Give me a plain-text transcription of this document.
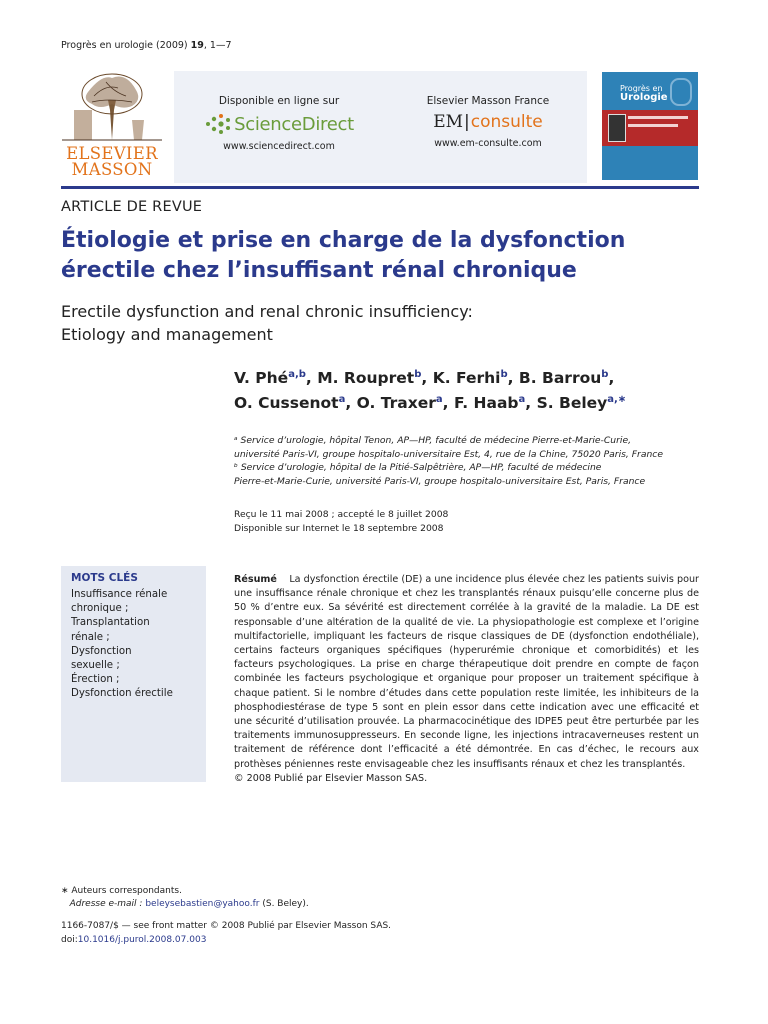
Progrès en urologie (2009) 19, 1—7
ELSEVIER
MASSON
Disponible en ligne sur
ScienceDirect
www.sciencedirect.com
Elsevier Masson France
EM|consulte
www.em-consulte.com
Progrès en
Urologie
ARTICLE DE REVUE
Étiologie et prise en charge de la dysfonction
érectile chez l’insuffisant rénal chronique
Erectile dysfunction and renal chronic insufficiency:
Etiology and management
V. Phé$^{a,b}$, M. Roupret$^b$, K. Ferhi$^b$, B. Barrou$^b$,
O. Cussenot$^a$, O. Traxer$^a$, F. Haab$^a$, S. Beley$^{a,∗}$
ᵃ Service d’urologie, hôpital Tenon, AP—HP, faculté de médecine Pierre-et-Marie-Curie,
université Paris-VI, groupe hospitalo-universitaire Est, 4, rue de la Chine, 75020 Paris, France
ᵇ Service d’urologie, hôpital de la Pitié-Salpêtrière, AP—HP, faculté de médecine
Pierre-et-Marie-Curie, université Paris-VI, groupe hospitalo-universitaire Est, Paris, France
Reçu le 11 mai 2008 ; accepté le 8 juillet 2008
Disponible sur Internet le 18 septembre 2008
MOTS CLÉS
Insuffisance rénale
chronique ;
Transplantation
rénale ;
Dysfonction
sexuelle ;
Érection ;
Dysfonction érectile
Résumé La dysfonction érectile (DE) a une incidence plus élevée chez les patients suivis pour une insuffisance rénale chronique et chez les transplantés rénaux puisqu’elle concerne plus de 50 % d’entre eux. Sa sévérité est directement corrélée à la gravité de la maladie. La DE est responsable d’une altération de la qualité de vie. La physiopathologie est complexe et l’origine multifactorielle, impliquant les facteurs de risque classiques de DE (dysfonction endothéliale), certains facteurs organiques spécifiques (hyperurémie chronique et comorbidités) et les facteurs psychologiques. La prise en charge thérapeutique doit prendre en compte de façon combinée les facteurs psychologique et organique pour proposer un traitement spécifique à chaque patient. Si le nombre d’études dans cette population reste limitée, les inhibiteurs de la phosphodiestérase de type 5 sont en plein essor dans cette indication avec une efficacité et une sécurité d’utilisation prouvée. La pharmacocinétique des IDPE5 peut être perturbée par les traitements immunosuppresseurs. En seconde ligne, les injections intracaverneuses restent un traitement de référence dont l’efficacité a été démontrée. En cas d’échec, le recours aux prothèses péniennes reste envisageable chez les insuffisants rénaux et chez les transplantés.
© 2008 Publié par Elsevier Masson SAS.
∗ Auteurs correspondants.
Adresse e-mail : beleysebastien@yahoo.fr (S. Beley).
1166-7087/$ — see front matter © 2008 Publié par Elsevier Masson SAS.
doi:10.1016/j.purol.2008.07.003
